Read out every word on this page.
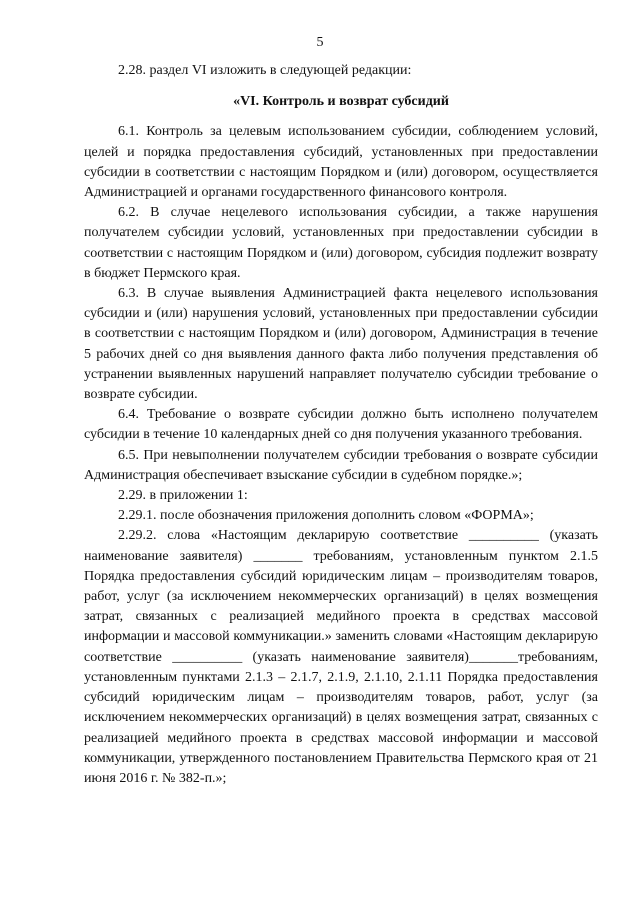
5

2.28. раздел VI изложить в следующей редакции:

«VI. Контроль и возврат субсидий

6.1. Контроль за целевым использованием субсидии, соблюдением условий, целей и порядка предоставления субсидий, установленных при предоставлении субсидии в соответствии с настоящим Порядком и (или) договором, осуществляется Администрацией и органами государственного финансового контроля.

6.2. В случае нецелевого использования субсидии, а также нарушения получателем субсидии условий, установленных при предоставлении субсидии в соответствии с настоящим Порядком и (или) договором, субсидия подлежит возврату в бюджет Пермского края.

6.3. В случае выявления Администрацией факта нецелевого использования субсидии и (или) нарушения условий, установленных при предоставлении субсидии в соответствии с настоящим Порядком и (или) договором, Администрация в течение 5 рабочих дней со дня выявления данного факта либо получения представления об устранении выявленных нарушений направляет получателю субсидии требование о возврате субсидии.

6.4. Требование о возврате субсидии должно быть исполнено получателем субсидии в течение 10 календарных дней со дня получения указанного требования.

6.5. При невыполнении получателем субсидии требования о возврате субсидии Администрация обеспечивает взыскание субсидии в судебном порядке.»;

2.29. в приложении 1:

2.29.1. после обозначения приложения дополнить словом «ФОРМА»;

2.29.2. слова «Настоящим декларирую соответствие __________ (указать наименование заявителя) _______ требованиям, установленным пунктом 2.1.5 Порядка предоставления субсидий юридическим лицам – производителям товаров, работ, услуг (за исключением некоммерческих организаций) в целях возмещения затрат, связанных с реализацией медийного проекта в средствах массовой информации и массовой коммуникации.» заменить словами «Настоящим декларирую соответствие __________ (указать наименование заявителя)_______требованиям, установленным пунктами 2.1.3 – 2.1.7, 2.1.9, 2.1.10, 2.1.11 Порядка предоставления субсидий юридическим лицам – производителям товаров, работ, услуг (за исключением некоммерческих организаций) в целях возмещения затрат, связанных с реализацией медийного проекта в средствах массовой информации и массовой коммуникации, утвержденного постановлением Правительства Пермского края от 21 июня 2016 г. № 382-п.»;
